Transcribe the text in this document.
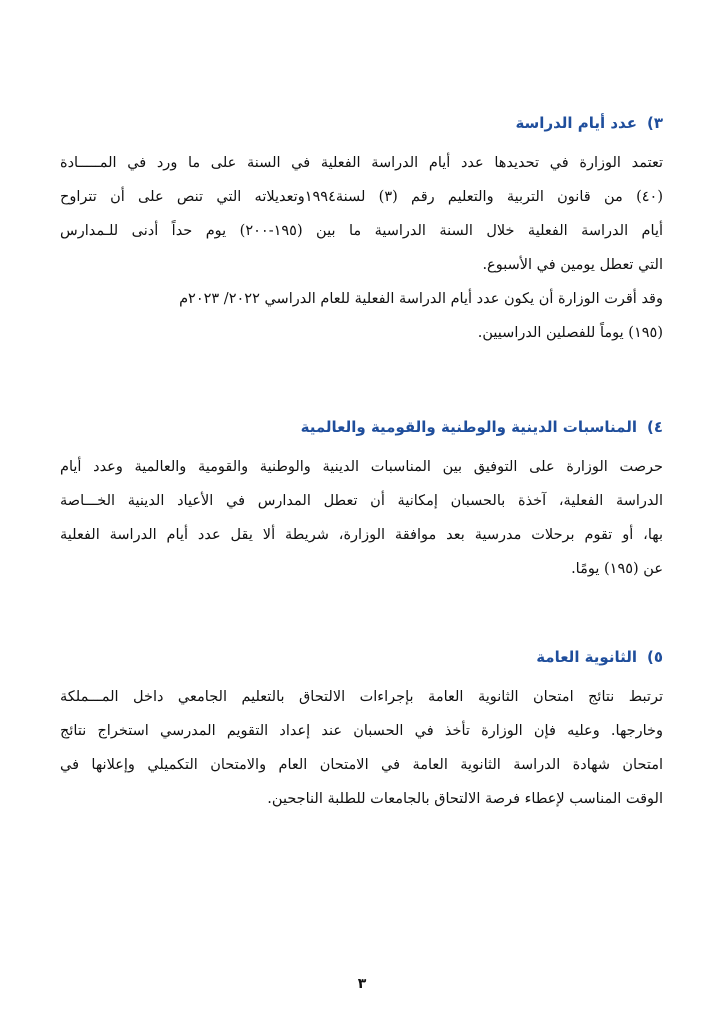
٣)عدد أيام الدراسة
تعتمد الوزارة في تحديدها عدد أيام الدراسة الفعلية في السنة على ما ورد في المـــــادة
(٤٠) من قانون التربية والتعليم رقم (٣) لسنة١٩٩٤وتعديلاته التي تنص على أن تتراوح
أيام الدراسة الفعلية خلال السنة الدراسية ما بين (١٩٥-٢٠٠) يوم حداً أدنى للـمدارس
التي تعطل يومين في الأسبوع.
وقد أقرت الوزارة أن يكون عدد أيام الدراسة الفعلية للعام الدراسي ٢٠٢٢/ ٢٠٢٣م
(١٩٥) يوماً للفصلين الدراسيين.
٤)المناسبات الدينية والوطنية والقومية والعالمية
حرصت الوزارة على التوفيق بين المناسبات الدينية والوطنية والقومية والعالمية وعدد أيام
الدراسة الفعلية، آخذة بالحسبان إمكانية أن تعطل المدارس في الأعياد الدينية الخـــاصة
بها، أو تقوم برحلات مدرسية بعد موافقة الوزارة، شريطة ألا يقل عدد أيام الدراسة الفعلية
عن (١٩٥) يومًا.
٥)الثانوية العامة
ترتبط نتائج امتحان الثانوية العامة بإجراءات الالتحاق بالتعليم الجامعي داخل المـــملكة
وخارجها. وعليه فإن الوزارة تأخذ في الحسبان عند إعداد التقويم المدرسي استخراج نتائج
امتحان شهادة الدراسة الثانوية العامة في الامتحان العام والامتحان التكميلي وإعلانها في
الوقت المناسب لإعطاء فرصة الالتحاق بالجامعات للطلبة الناجحين.
٣
